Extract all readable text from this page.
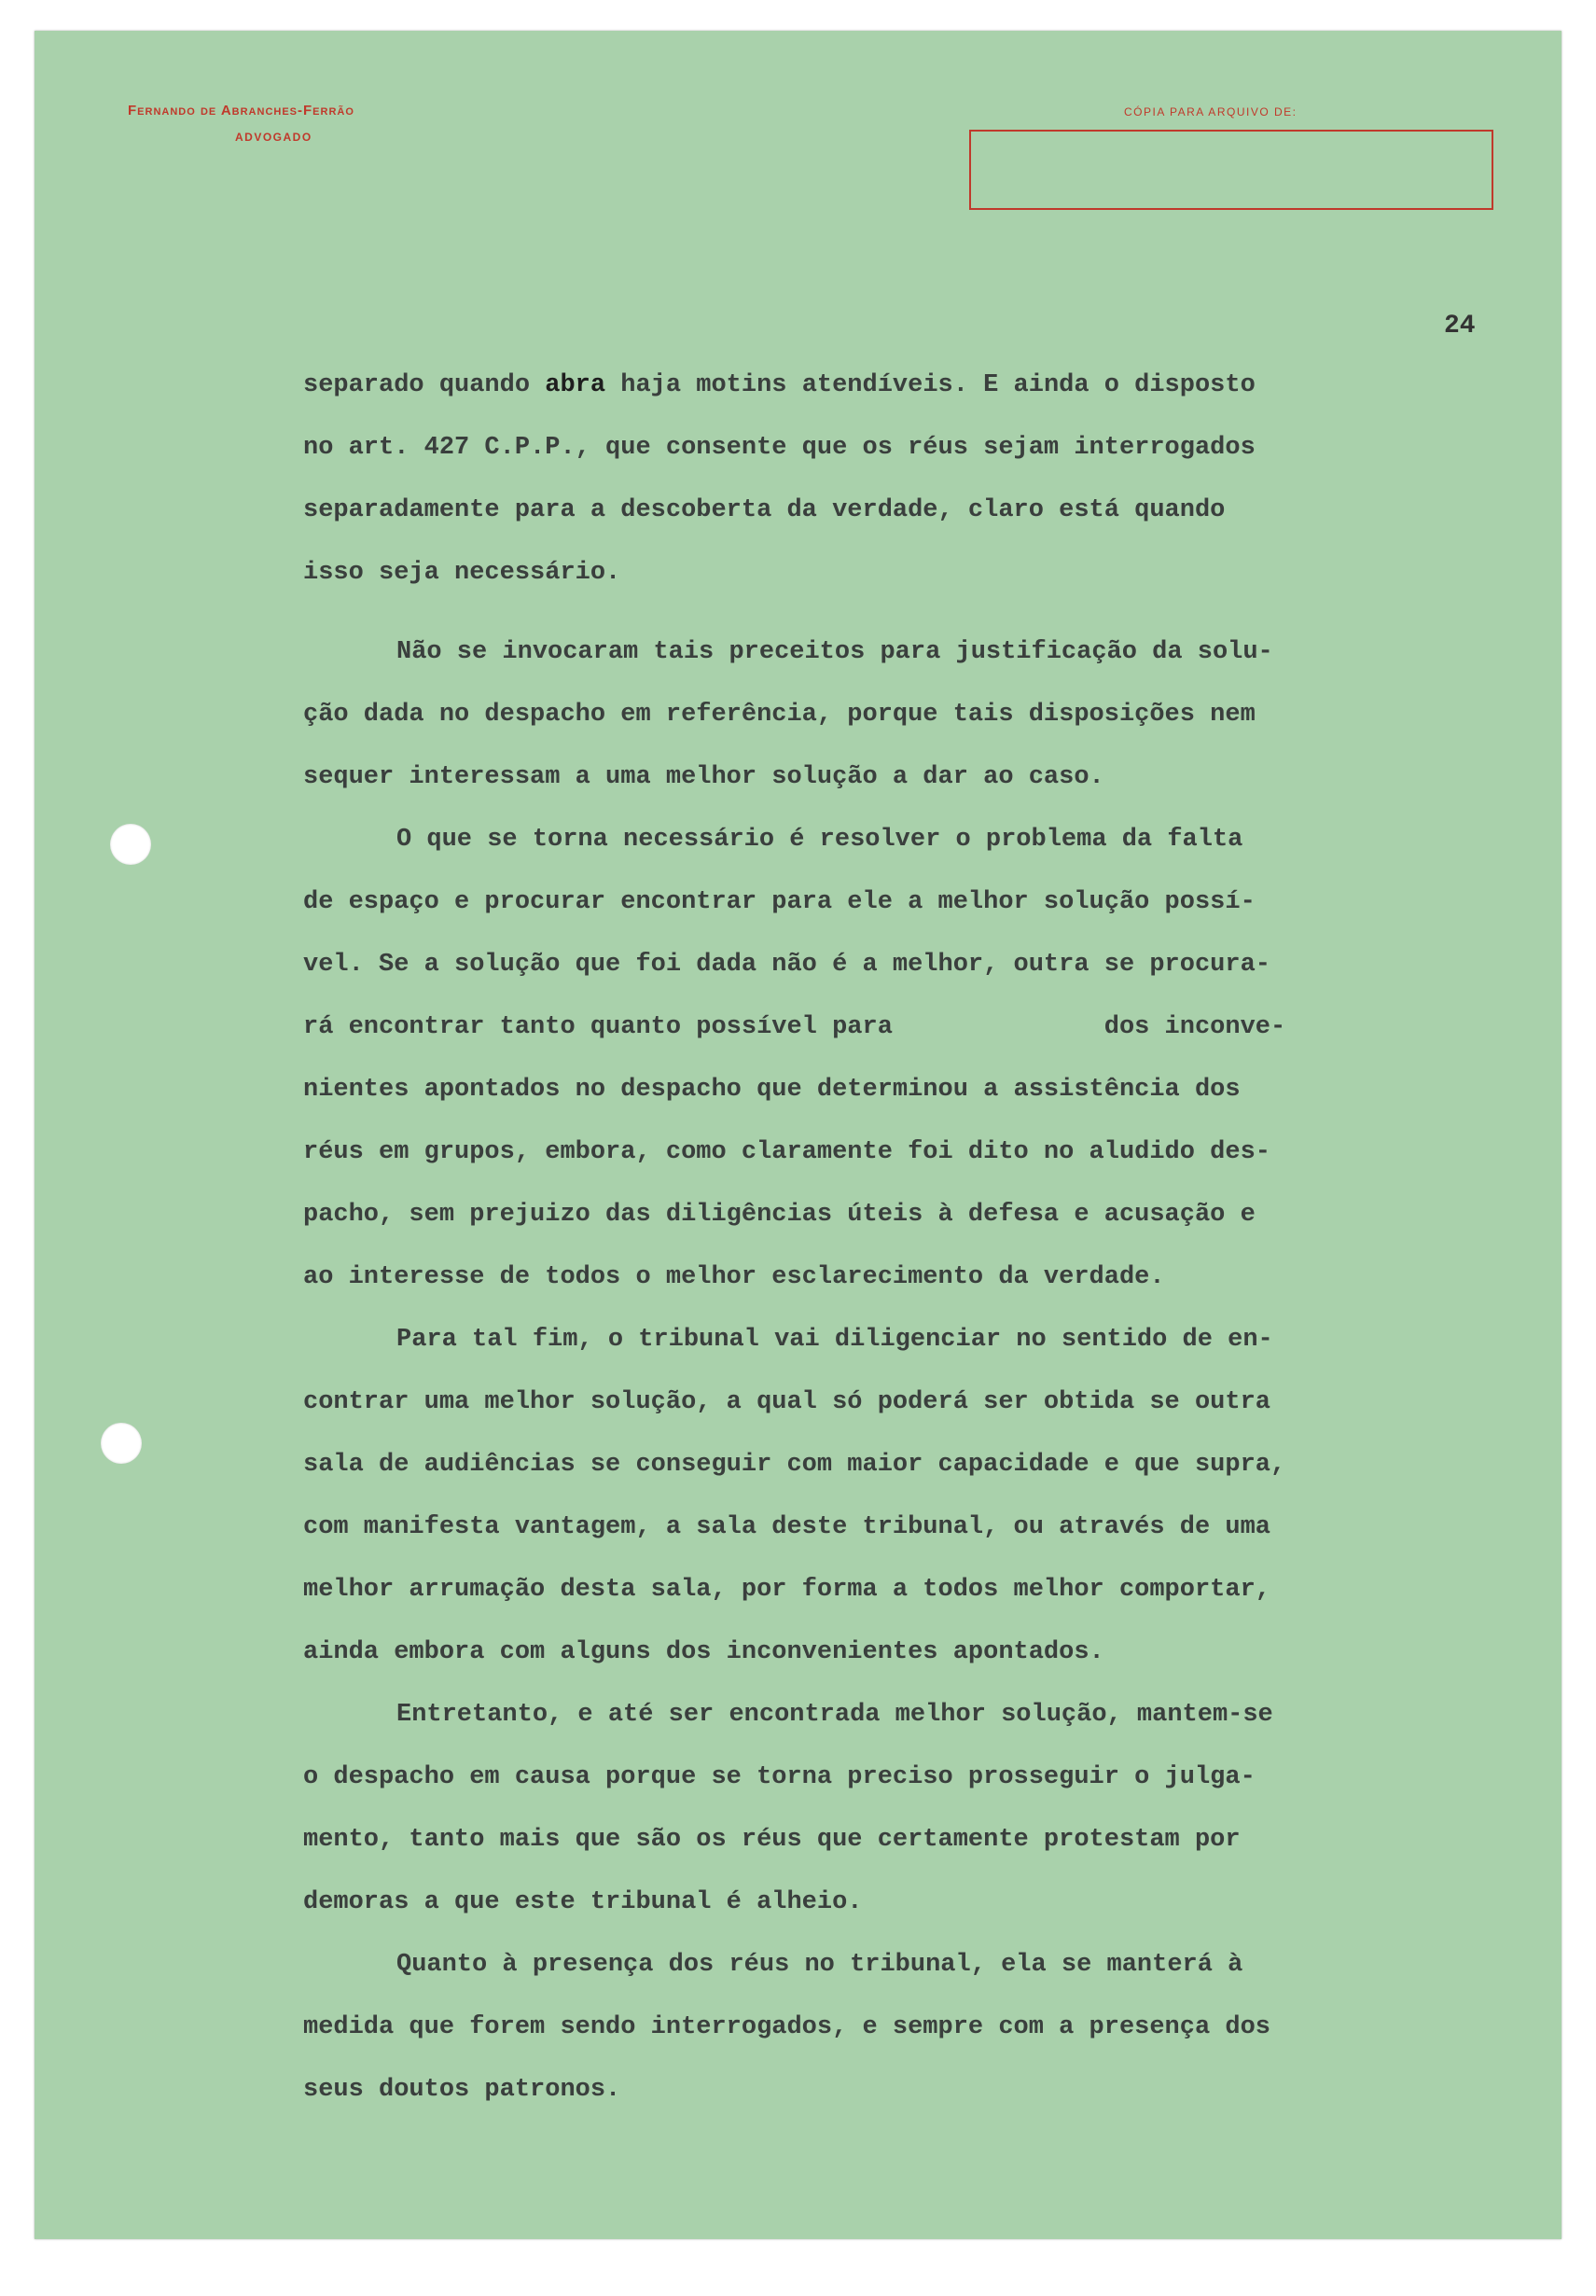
Fernando de Abranches-Ferrão
ADVOGADO
CÓPIA PARA ARQUIVO DE:
24
separado quando abra haja motins atendíveis. E ainda o disposto
no art. 427 C.P.P., que consente que os réus sejam interrogados
separadamente para a descoberta da verdade, claro está quando
isso seja necessário.
Não se invocaram tais preceitos para justificação da solu-
ção dada no despacho em referência, porque tais disposições nem
sequer interessam a uma melhor solução a dar ao caso.
O que se torna necessário é resolver o problema da falta
de espaço e procurar encontrar para ele a melhor solução possí-
vel. Se a solução que foi dada não é a melhor, outra se procura-
rá encontrar tanto quanto possível para              dos inconve-
nientes apontados no despacho que determinou a assistência dos
réus em grupos, embora, como claramente foi dito no aludido des-
pacho, sem prejuizo das diligências úteis à defesa e acusação e
ao interesse de todos o melhor esclarecimento da verdade.
Para tal fim, o tribunal vai diligenciar no sentido de en-
contrar uma melhor solução, a qual só poderá ser obtida se outra
sala de audiências se conseguir com maior capacidade e que supra,
com manifesta vantagem, a sala deste tribunal, ou através de uma
melhor arrumação desta sala, por forma a todos melhor comportar,
ainda embora com alguns dos inconvenientes apontados.
Entretanto, e até ser encontrada melhor solução, mantem-se
o despacho em causa porque se torna preciso prosseguir o julga-
mento, tanto mais que são os réus que certamente protestam por
demoras a que este tribunal é alheio.
Quanto à presença dos réus no tribunal, ela se manterá à
medida que forem sendo interrogados, e sempre com a presença dos
seus doutos patronos.
